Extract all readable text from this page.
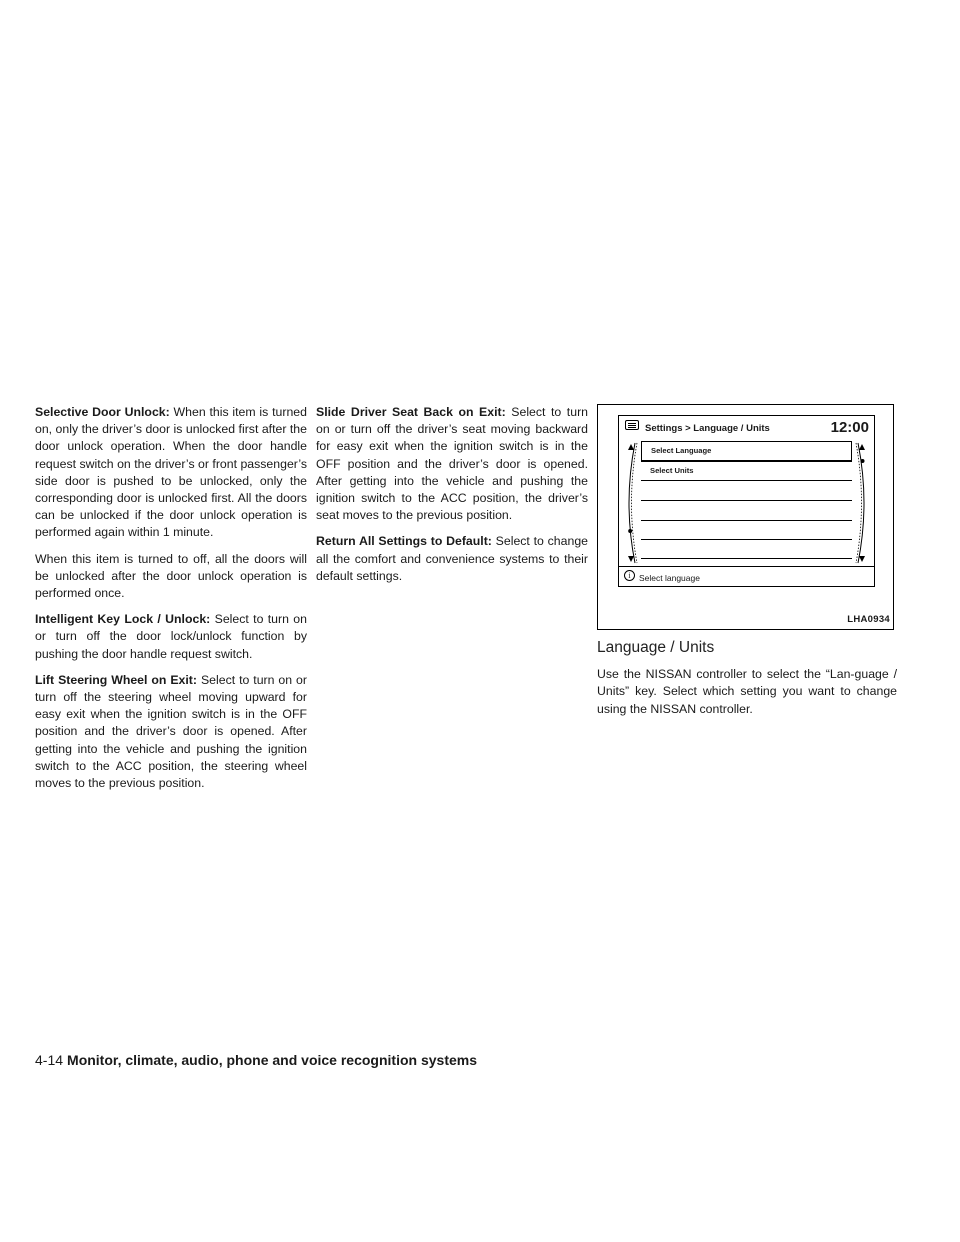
Selective Door Unlock: When this item is turned on, only the driver’s door is unlocked first after the door unlock operation. When the door handle request switch on the driver’s or front passenger’s side door is pushed to be unlocked, only the corresponding door is unlocked first. All the doors can be unlocked if the door unlock operation is performed again within 1 minute.

When this item is turned to off, all the doors will be unlocked after the door unlock operation is performed once.

Intelligent Key Lock / Unlock: Select to turn on or turn off the door lock/unlock function by pushing the door handle request switch.

Lift Steering Wheel on Exit: Select to turn on or turn off the steering wheel moving upward for easy exit when the ignition switch is in the OFF position and the driver’s door is opened. After getting into the vehicle and pushing the ignition switch to the ACC position, the steering wheel moves to the previous position.

Slide Driver Seat Back on Exit: Select to turn on or turn off the driver’s seat moving backward for easy exit when the ignition switch is in the OFF position and the driver’s door is opened. After getting into the vehicle and pushing the ignition switch to the ACC position, the driver’s seat moves to the previous position.

Return All Settings to Default: Select to change all the comfort and convenience systems to their default settings.

Settings > Language / Units	12:00
Select Language
Select Units
i Select language
LHA0934
Language / Units

Use the NISSAN controller to select the “Lan-guage / Units” key. Select which setting you want to change using the NISSAN controller.

4-14 Monitor, climate, audio, phone and voice recognition systems
